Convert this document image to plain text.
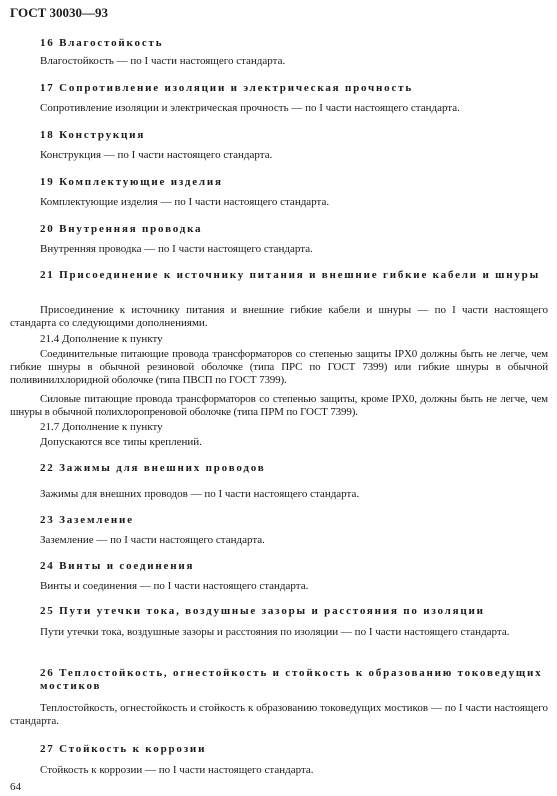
ГОСТ 30030—93
16 Влагостойкость
Влагостойкость — по I части настоящего стандарта.
17 Сопротивление изоляции и электрическая прочность
Сопротивление изоляции и электрическая прочность — по I части настоящего стандарта.
18 Конструкция
Конструкция — по I части настоящего стандарта.
19 Комплектующие изделия
Комплектующие изделия — по I части настоящего стандарта.
20 Внутренняя проводка
Внутренняя проводка — по I части настоящего стандарта.
21 Присоединение к источнику питания и внешние гибкие кабели и шнуры
Присоединение к источнику питания и внешние гибкие кабели и шнуры — по I части настоящего стандарта со следующими дополнениями.
21.4 Дополнение к пункту
Соединительные питающие провода трансформаторов со степенью защиты IPX0 должны быть не легче, чем гибкие шнуры в обычной резиновой оболочке (типа ПРС по ГОСТ 7399) или гибкие шнуры в обычной поливинилхлоридной оболочке (типа ПВСП по ГОСТ 7399).
Силовые питающие провода трансформаторов со степенью защиты, кроме IPX0, должны быть не легче, чем шнуры в обычной полихлоропреновой оболочке (типа ПРМ по ГОСТ 7399).
21.7 Дополнение к пункту
Допускаются все типы креплений.
22 Зажимы для внешних проводов
Зажимы для внешних проводов — по I части настоящего стандарта.
23 Заземление
Заземление — по I части настоящего стандарта.
24 Винты и соединения
Винты и соединения — по I части настоящего стандарта.
25 Пути утечки тока, воздушные зазоры и расстояния по изоляции
Пути утечки тока, воздушные зазоры и расстояния по изоляции — по I части настоящего стандарта.
26 Теплостойкость, огнестойкость и стойкость к образованию токоведущих мостиков
Теплостойкость, огнестойкость и стойкость к образованию токоведущих мостиков — по I части настоящего стандарта.
27 Стойкость к коррозии
Стойкость к коррозии — по I части настоящего стандарта.
64
